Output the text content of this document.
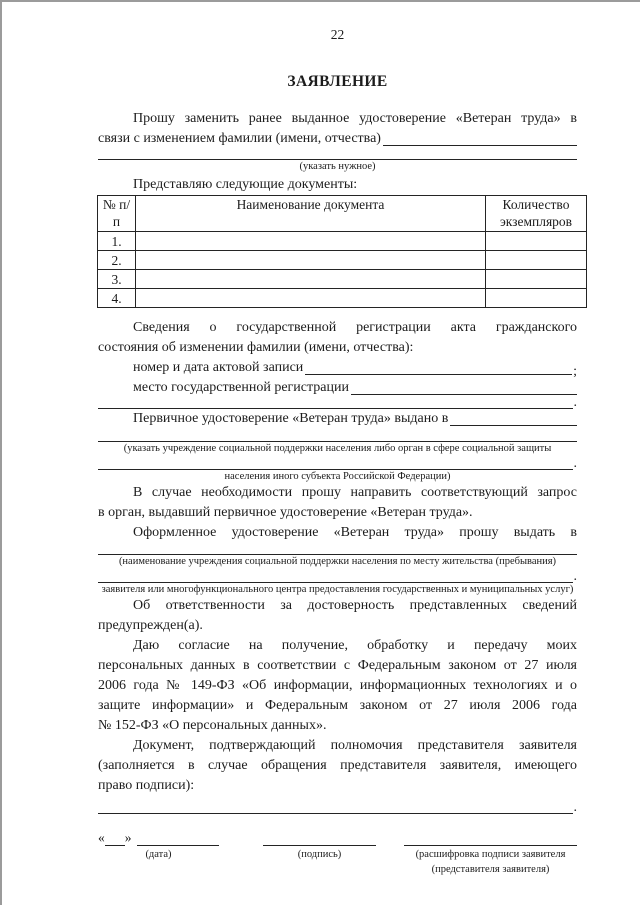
22
ЗАЯВЛЕНИЕ
Прошу заменить ранее выданное удостоверение «Ветеран труда» в
связи с изменением фамилии (имени, отчества)
(указать нужное)
Представляю следующие документы:
№ п/п	Наименование документа	Количество экземпляров
1.		
2.		
3.		
4.		
Сведения о государственной регистрации акта гражданского
состояния об изменении фамилии (имени, отчества):
номер и дата актовой записи	;
место государственной регистрации
.
Первичное удостоверение «Ветеран труда» выдано в
(указать учреждение социальной поддержки населения либо орган в сфере социальной защиты
.
населения иного субъекта Российской Федерации)
В случае необходимости прошу направить соответствующий запрос
в орган, выдавший первичное удостоверение «Ветеран труда».
Оформленное удостоверение «Ветеран труда» прошу выдать в
(наименование учреждения социальной поддержки населения по месту жительства (пребывания)
.
заявителя или многофункционального центра предоставления государственных и муниципальных услуг)
Об ответственности за достоверность представленных сведений
предупрежден(а).
Даю согласие на получение, обработку и передачу моих
персональных данных в соответствии с Федеральным законом от 27 июля
2006 года № 149-ФЗ «Об информации, информационных технологиях и о
защите информации» и Федеральным законом от 27 июля 2006 года
№ 152-ФЗ «О персональных данных».
Документ, подтверждающий полномочия представителя заявителя
(заполняется в случае обращения представителя заявителя, имеющего
право подписи):
.
« »
(дата)	(подпись)	(расшифровка подписи заявителя
(представителя заявителя)
